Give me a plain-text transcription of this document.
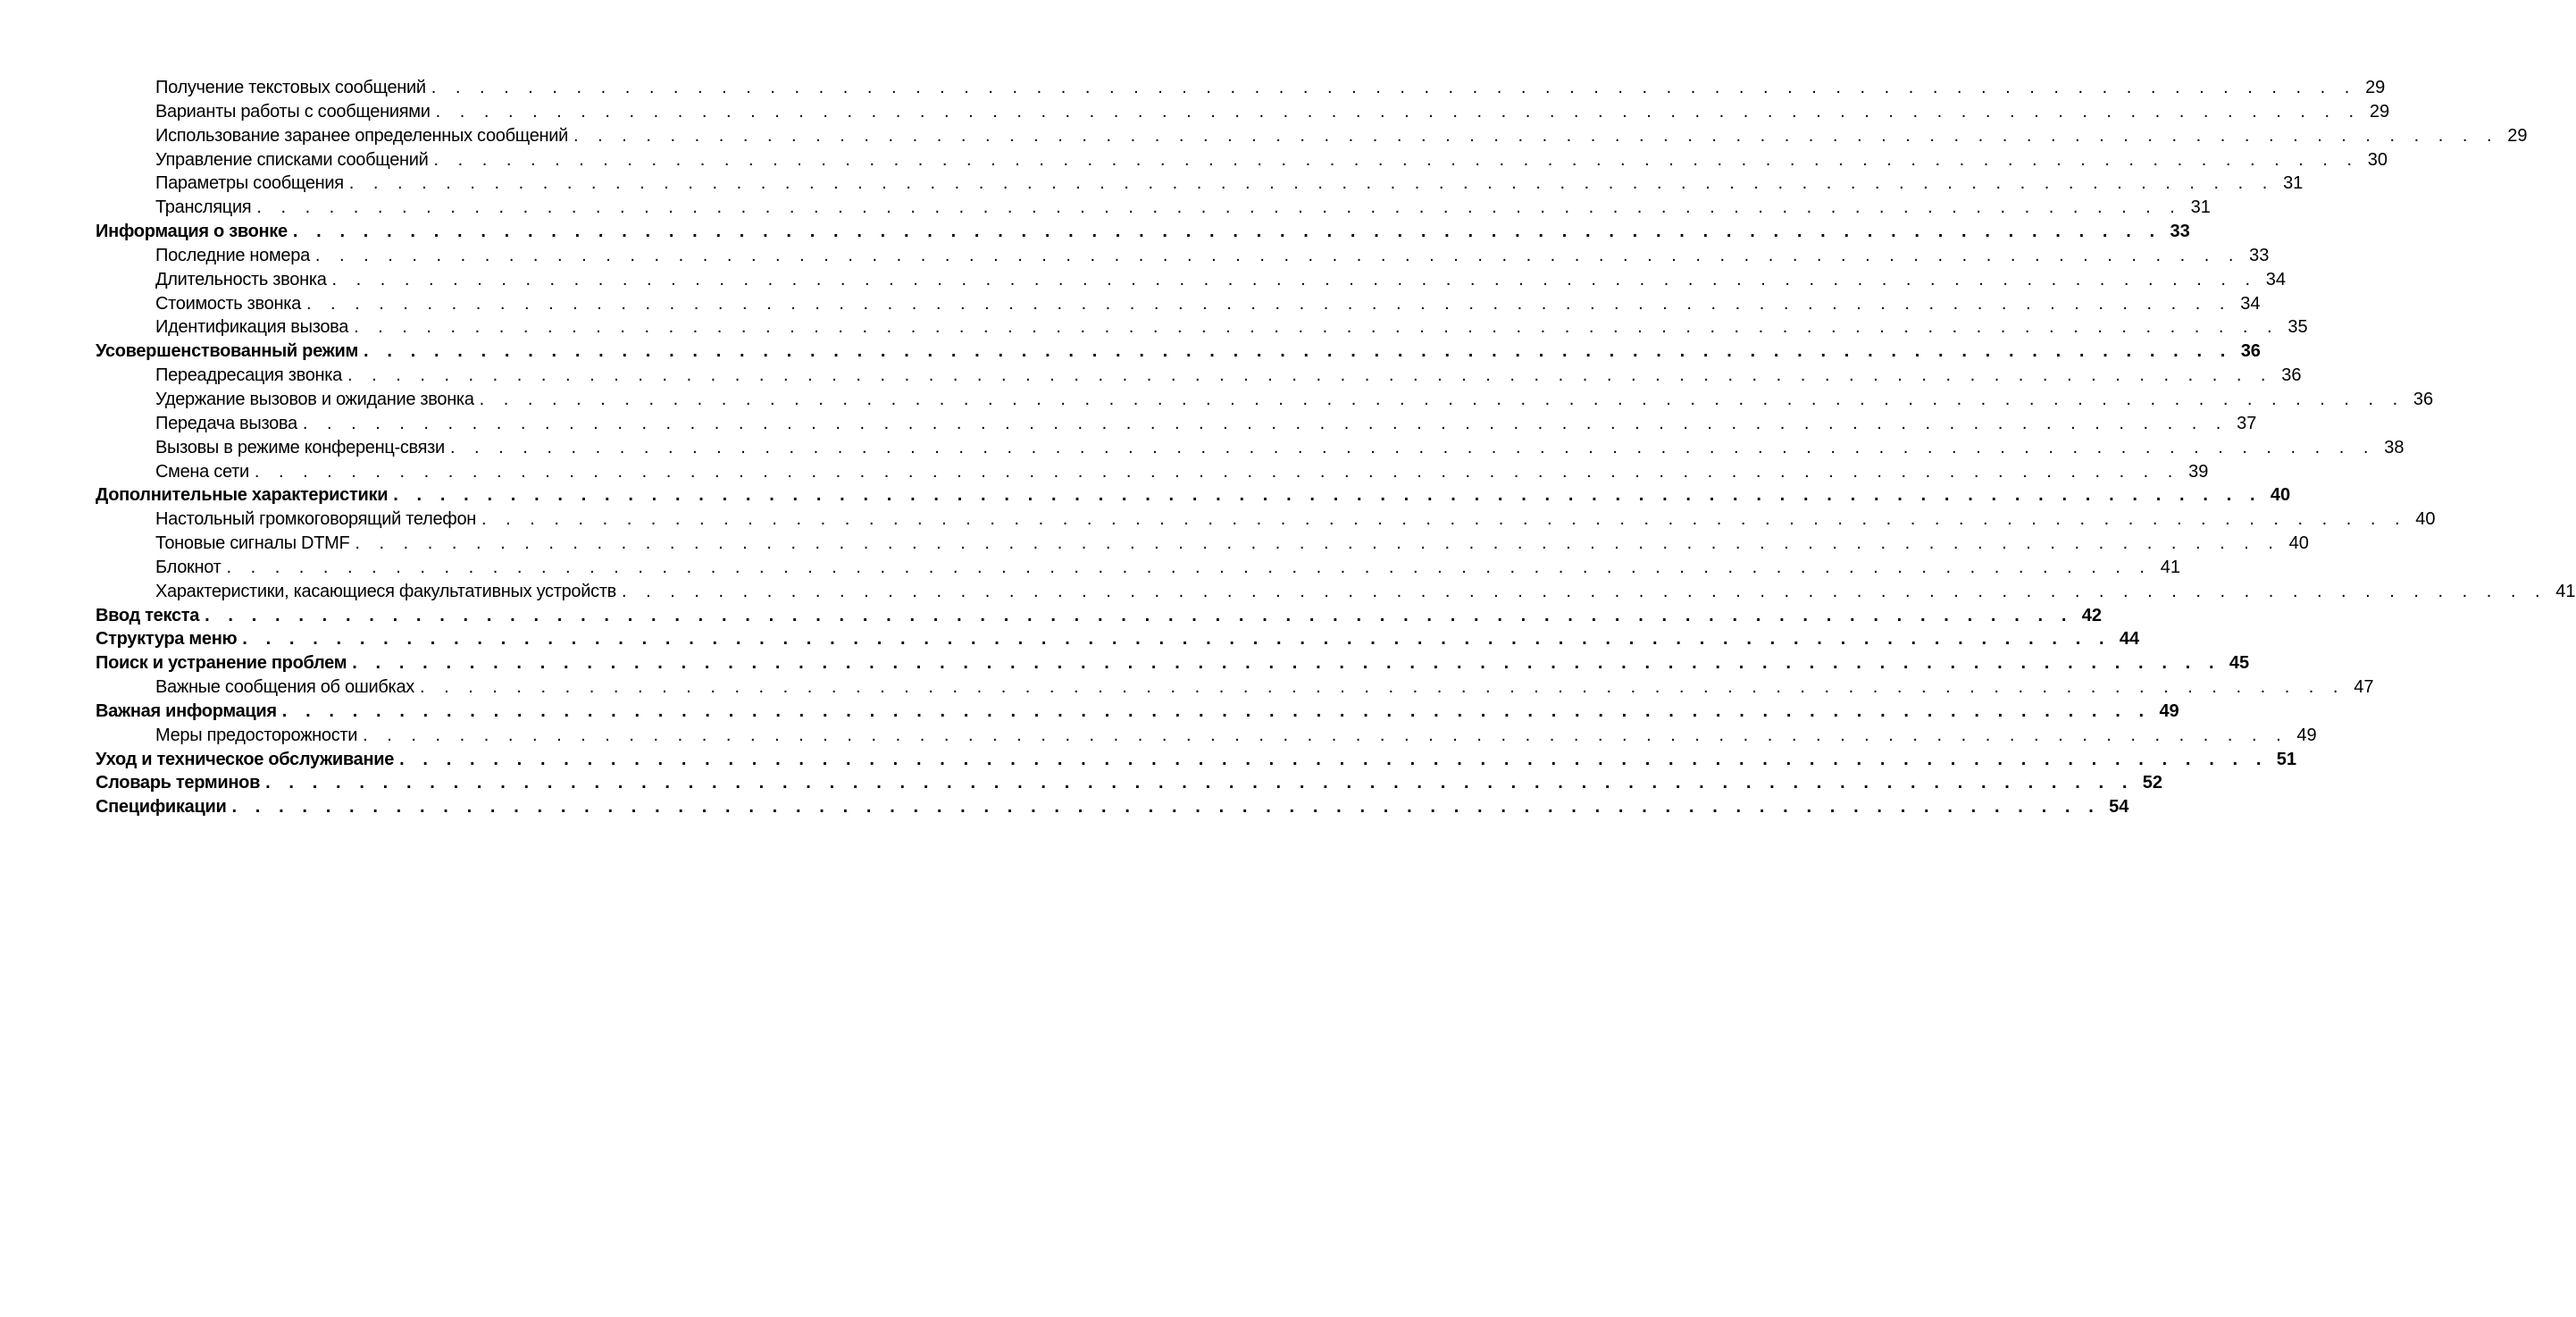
Получение текстовых сообщений . . . . . . . . . . . . . . . . . . . . . . . . . . . . . . . . . . . . . . . . . . . . . . . . . . . . . . . . . . . . . . . . . . . . . . . . . . . . . . . . 29
Варианты работы с сообщениями . . . . . . . . . . . . . . . . . . . . . . . . . . . . . . . . . . . . . . . . . . . . . . . . . . . . . . . . . . . . . . . . . . . . . . . . . . . . . . . . 29
Использование заранее определенных сообщений . . . . . . . . . . . . . . . . . . . . . . . . . . . . . . . . . . . . . . . . . . . . . . . . . . . . . . . . . . . . . . . . . . . . . . . . . . . . . . . . 29
Управление списками сообщений . . . . . . . . . . . . . . . . . . . . . . . . . . . . . . . . . . . . . . . . . . . . . . . . . . . . . . . . . . . . . . . . . . . . . . . . . . . . . . . . 30
Параметры сообщения . . . . . . . . . . . . . . . . . . . . . . . . . . . . . . . . . . . . . . . . . . . . . . . . . . . . . . . . . . . . . . . . . . . . . . . . . . . . . . . . 31
Трансляция . . . . . . . . . . . . . . . . . . . . . . . . . . . . . . . . . . . . . . . . . . . . . . . . . . . . . . . . . . . . . . . . . . . . . . . . . . . . . . . . 31
Информация о звонке . . . . . . . . . . . . . . . . . . . . . . . . . . . . . . . . . . . . . . . . . . . . . . . . . . . . . . . . . . . . . . . . . . . . . . . . . . . . . . . . 33
Последние номера . . . . . . . . . . . . . . . . . . . . . . . . . . . . . . . . . . . . . . . . . . . . . . . . . . . . . . . . . . . . . . . . . . . . . . . . . . . . . . . . 33
Длительность звонка . . . . . . . . . . . . . . . . . . . . . . . . . . . . . . . . . . . . . . . . . . . . . . . . . . . . . . . . . . . . . . . . . . . . . . . . . . . . . . . . 34
Стоимость звонка . . . . . . . . . . . . . . . . . . . . . . . . . . . . . . . . . . . . . . . . . . . . . . . . . . . . . . . . . . . . . . . . . . . . . . . . . . . . . . . . 34
Идентификация вызова . . . . . . . . . . . . . . . . . . . . . . . . . . . . . . . . . . . . . . . . . . . . . . . . . . . . . . . . . . . . . . . . . . . . . . . . . . . . . . . . 35
Усовершенствованный режим . . . . . . . . . . . . . . . . . . . . . . . . . . . . . . . . . . . . . . . . . . . . . . . . . . . . . . . . . . . . . . . . . . . . . . . . . . . . . . . . 36
Переадресация звонка . . . . . . . . . . . . . . . . . . . . . . . . . . . . . . . . . . . . . . . . . . . . . . . . . . . . . . . . . . . . . . . . . . . . . . . . . . . . . . . . 36
Удержание вызовов и ожидание звонка . . . . . . . . . . . . . . . . . . . . . . . . . . . . . . . . . . . . . . . . . . . . . . . . . . . . . . . . . . . . . . . . . . . . . . . . . . . . . . . . 36
Передача вызова . . . . . . . . . . . . . . . . . . . . . . . . . . . . . . . . . . . . . . . . . . . . . . . . . . . . . . . . . . . . . . . . . . . . . . . . . . . . . . . . 37
Вызовы в режиме конференц-связи . . . . . . . . . . . . . . . . . . . . . . . . . . . . . . . . . . . . . . . . . . . . . . . . . . . . . . . . . . . . . . . . . . . . . . . . . . . . . . . . 38
Смена сети . . . . . . . . . . . . . . . . . . . . . . . . . . . . . . . . . . . . . . . . . . . . . . . . . . . . . . . . . . . . . . . . . . . . . . . . . . . . . . . . 39
Дополнительные характеристики . . . . . . . . . . . . . . . . . . . . . . . . . . . . . . . . . . . . . . . . . . . . . . . . . . . . . . . . . . . . . . . . . . . . . . . . . . . . . . . . 40
Настольный громкоговорящий телефон . . . . . . . . . . . . . . . . . . . . . . . . . . . . . . . . . . . . . . . . . . . . . . . . . . . . . . . . . . . . . . . . . . . . . . . . . . . . . . . . 40
Тоновые сигналы DTMF . . . . . . . . . . . . . . . . . . . . . . . . . . . . . . . . . . . . . . . . . . . . . . . . . . . . . . . . . . . . . . . . . . . . . . . . . . . . . . . . 40
Блокнот . . . . . . . . . . . . . . . . . . . . . . . . . . . . . . . . . . . . . . . . . . . . . . . . . . . . . . . . . . . . . . . . . . . . . . . . . . . . . . . . 41
Характеристики, касающиеся факультативных устройств . . . . . . . . . . . . . . . . . . . . . . . . . . . . . . . . . . . . . . . . . . . . . . . . . . . . . . . . . . . . . . . . . . . . . . . . . . . . . . . . 41
Ввод текста . . . . . . . . . . . . . . . . . . . . . . . . . . . . . . . . . . . . . . . . . . . . . . . . . . . . . . . . . . . . . . . . . . . . . . . . . . . . . . . . 42
Структура меню . . . . . . . . . . . . . . . . . . . . . . . . . . . . . . . . . . . . . . . . . . . . . . . . . . . . . . . . . . . . . . . . . . . . . . . . . . . . . . . . 44
Поиск и устранение проблем . . . . . . . . . . . . . . . . . . . . . . . . . . . . . . . . . . . . . . . . . . . . . . . . . . . . . . . . . . . . . . . . . . . . . . . . . . . . . . . . 45
Важные сообщения об ошибках . . . . . . . . . . . . . . . . . . . . . . . . . . . . . . . . . . . . . . . . . . . . . . . . . . . . . . . . . . . . . . . . . . . . . . . . . . . . . . . . 47
Важная информация . . . . . . . . . . . . . . . . . . . . . . . . . . . . . . . . . . . . . . . . . . . . . . . . . . . . . . . . . . . . . . . . . . . . . . . . . . . . . . . . 49
Меры предосторожности . . . . . . . . . . . . . . . . . . . . . . . . . . . . . . . . . . . . . . . . . . . . . . . . . . . . . . . . . . . . . . . . . . . . . . . . . . . . . . . . 49
Уход и техническое обслуживание . . . . . . . . . . . . . . . . . . . . . . . . . . . . . . . . . . . . . . . . . . . . . . . . . . . . . . . . . . . . . . . . . . . . . . . . . . . . . . . . 51
Словарь терминов . . . . . . . . . . . . . . . . . . . . . . . . . . . . . . . . . . . . . . . . . . . . . . . . . . . . . . . . . . . . . . . . . . . . . . . . . . . . . . . . 52
Спецификации . . . . . . . . . . . . . . . . . . . . . . . . . . . . . . . . . . . . . . . . . . . . . . . . . . . . . . . . . . . . . . . . . . . . . . . . . . . . . . . . 54
